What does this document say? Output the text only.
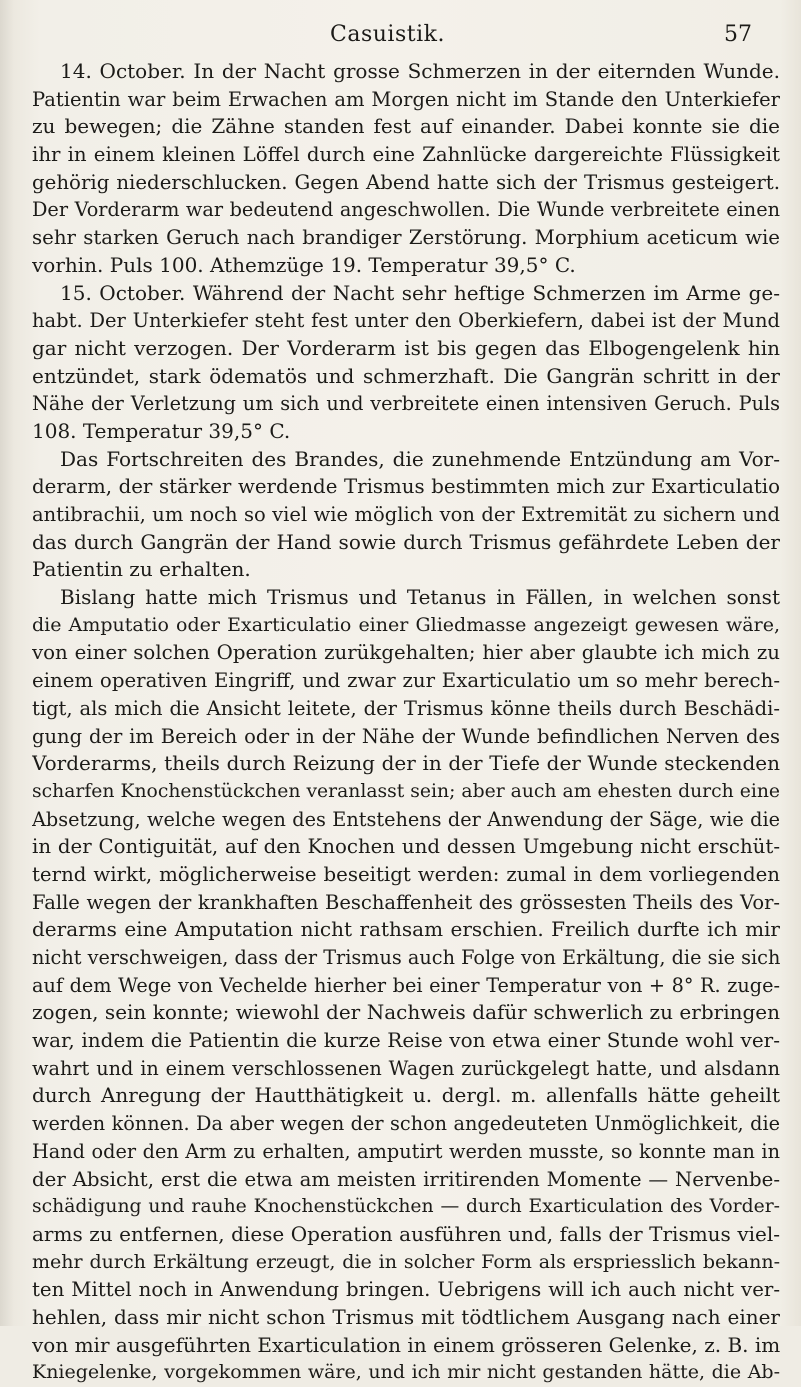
Casuistik.	57
14. October. In der Nacht grosse Schmerzen in der eiternden Wunde.
Patientin war beim Erwachen am Morgen nicht im Stande den Unterkiefer
zu bewegen; die Zähne standen fest auf einander. Dabei konnte sie die
ihr in einem kleinen Löffel durch eine Zahnlücke dargereichte Flüssigkeit
gehörig niederschlucken. Gegen Abend hatte sich der Trismus gesteigert.
Der Vorderarm war bedeutend angeschwollen. Die Wunde verbreitete einen
sehr starken Geruch nach brandiger Zerstörung. Morphium aceticum wie
vorhin. Puls 100. Athemzüge 19. Temperatur 39,5° C.
15. October. Während der Nacht sehr heftige Schmerzen im Arme ge-
habt. Der Unterkiefer steht fest unter den Oberkiefern, dabei ist der Mund
gar nicht verzogen. Der Vorderarm ist bis gegen das Elbogengelenk hin
entzündet, stark ödematös und schmerzhaft. Die Gangrän schritt in der
Nähe der Verletzung um sich und verbreitete einen intensiven Geruch. Puls
108. Temperatur 39,5° C.
Das Fortschreiten des Brandes, die zunehmende Entzündung am Vor-
derarm, der stärker werdende Trismus bestimmten mich zur Exarticulatio
antibrachii, um noch so viel wie möglich von der Extremität zu sichern und
das durch Gangrän der Hand sowie durch Trismus gefährdete Leben der
Patientin zu erhalten.
Bislang hatte mich Trismus und Tetanus in Fällen, in welchen sonst
die Amputatio oder Exarticulatio einer Gliedmasse angezeigt gewesen wäre,
von einer solchen Operation zurükgehalten; hier aber glaubte ich mich zu
einem operativen Eingriff, und zwar zur Exarticulatio um so mehr berech-
tigt, als mich die Ansicht leitete, der Trismus könne theils durch Beschädi-
gung der im Bereich oder in der Nähe der Wunde befindlichen Nerven des
Vorderarms, theils durch Reizung der in der Tiefe der Wunde steckenden
scharfen Knochenstückchen veranlasst sein; aber auch am ehesten durch eine
Absetzung, welche wegen des Entstehens der Anwendung der Säge, wie die
in der Contiguität, auf den Knochen und dessen Umgebung nicht erschüt-
ternd wirkt, möglicherweise beseitigt werden: zumal in dem vorliegenden
Falle wegen der krankhaften Beschaffenheit des grössesten Theils des Vor-
derarms eine Amputation nicht rathsam erschien. Freilich durfte ich mir
nicht verschweigen, dass der Trismus auch Folge von Erkältung, die sie sich
auf dem Wege von Vechelde hierher bei einer Temperatur von + 8° R. zuge-
zogen, sein konnte; wiewohl der Nachweis dafür schwerlich zu erbringen
war, indem die Patientin die kurze Reise von etwa einer Stunde wohl ver-
wahrt und in einem verschlossenen Wagen zurückgelegt hatte, und alsdann
durch Anregung der Hautthätigkeit u. dergl. m. allenfalls hätte geheilt
werden können. Da aber wegen der schon angedeuteten Unmöglichkeit, die
Hand oder den Arm zu erhalten, amputirt werden musste, so konnte man in
der Absicht, erst die etwa am meisten irritirenden Momente — Nervenbe-
schädigung und rauhe Knochenstückchen — durch Exarticulation des Vorder-
arms zu entfernen, diese Operation ausführen und, falls der Trismus viel-
mehr durch Erkältung erzeugt, die in solcher Form als erspriesslich bekann-
ten Mittel noch in Anwendung bringen. Uebrigens will ich auch nicht ver-
hehlen, dass mir nicht schon Trismus mit tödtlichem Ausgang nach einer
von mir ausgeführten Exarticulation in einem grösseren Gelenke, z. B. im
Kniegelenke, vorgekommen wäre, und ich mir nicht gestanden hätte, die Ab-
